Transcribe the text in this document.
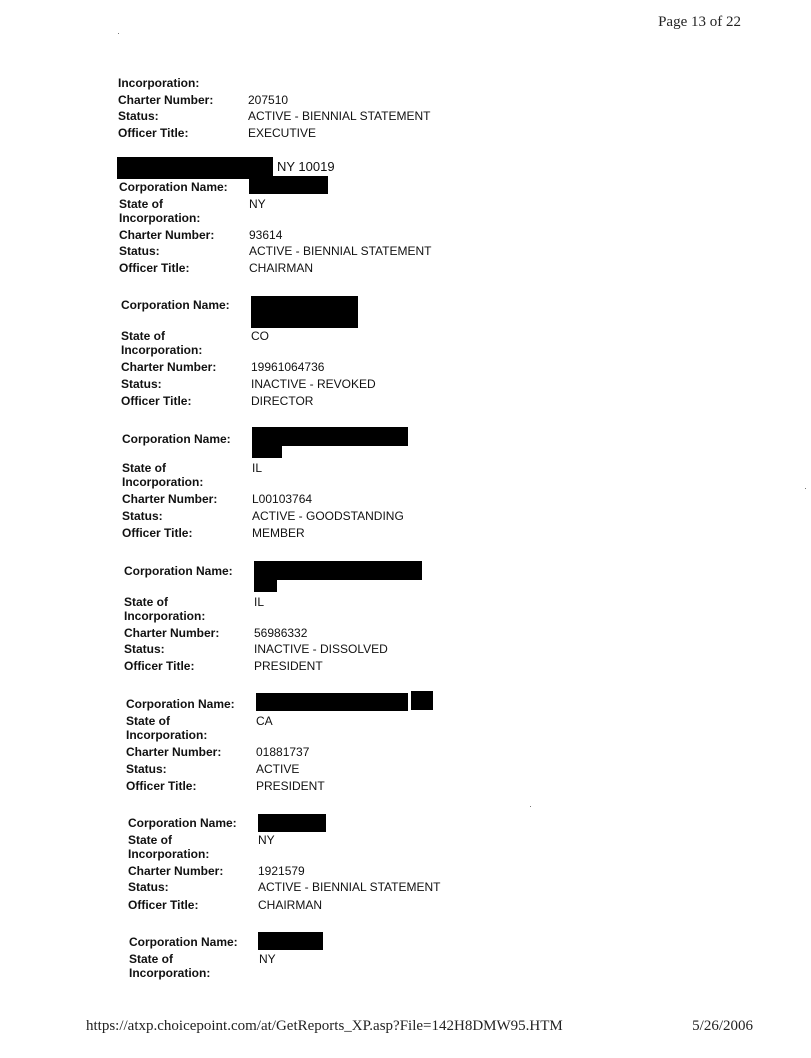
Page 13 of 22
https://atxp.choicepoint.com/at/GetReports_XP.asp?File=142H8DMW95.HTM	5/26/2006
Incorporation:
Charter Number:	207510
Status:	ACTIVE - BIENNIAL STATEMENT
Officer Title:	EXECUTIVE
NY 10019
Corporation Name:
State of
Incorporation:
NY
Charter Number:	93614
Status:	ACTIVE - BIENNIAL STATEMENT
Officer Title:	CHAIRMAN
Corporation Name:
State of
Incorporation:
CO
Charter Number:	19961064736
Status:	INACTIVE - REVOKED
Officer Title:	DIRECTOR
Corporation Name:
State of
Incorporation:
IL
Charter Number:	L00103764
Status:	ACTIVE - GOODSTANDING
Officer Title:	MEMBER
Corporation Name:
State of
Incorporation:
IL
Charter Number:	56986332
Status:	INACTIVE - DISSOLVED
Officer Title:	PRESIDENT
Corporation Name:
State of
Incorporation:
CA
Charter Number:	01881737
Status:	ACTIVE
Officer Title:	PRESIDENT
Corporation Name:
State of
Incorporation:
NY
Charter Number:	1921579
Status:	ACTIVE - BIENNIAL STATEMENT
Officer Title:	CHAIRMAN
Corporation Name:
State of
Incorporation:
NY
